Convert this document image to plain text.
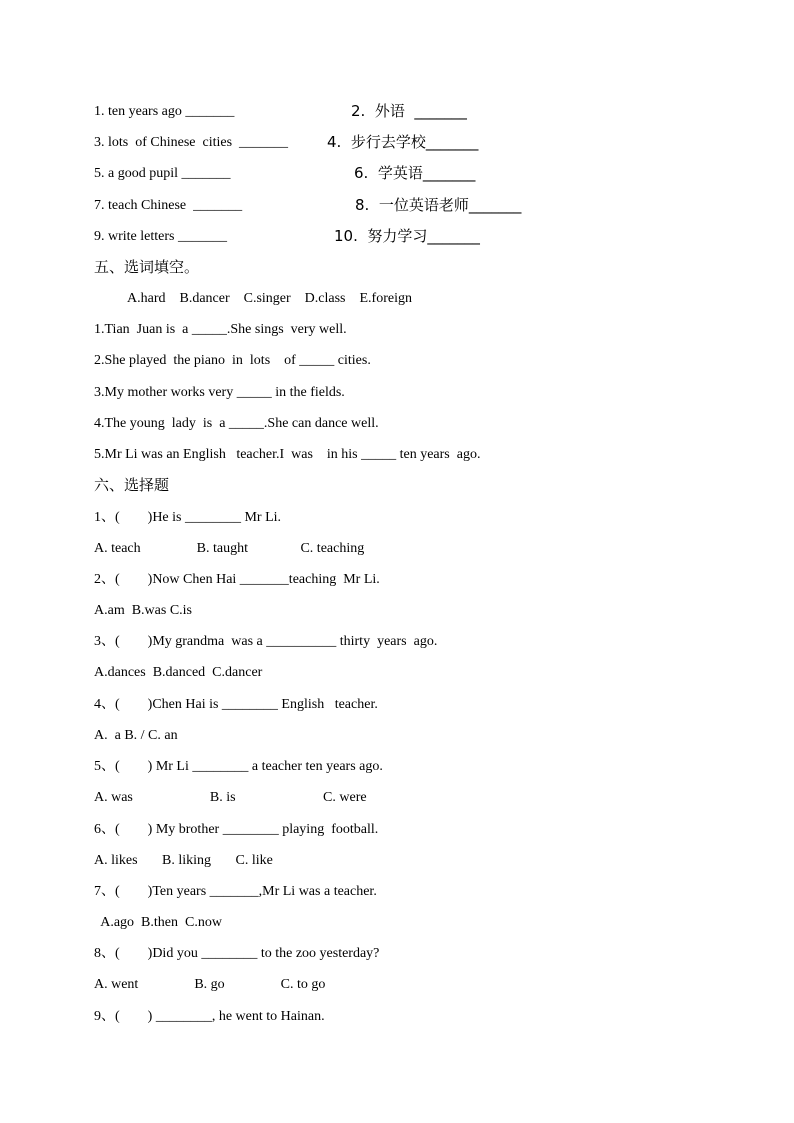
1. ten years ago _______	2.  外语  _______
3. lots  of Chinese  cities  _______	4.  步行去学校_______
5. a good pupil _______	6.  学英语_______
7. teach Chinese  _______	8.  一位英语老师_______
9. write letters _______	10.  努力学习_______
五、选词填空。
A.hard    B.dancer    C.singer    D.class    E.foreign
1.Tian  Juan is  a _____.She sings  very well.
2.She played  the piano  in  lots    of _____ cities.
3.My mother works very _____ in the fields.
4.The young  lady  is  a _____.She can dance well.
5.Mr Li was an English   teacher.I  was    in his _____ ten years  ago.
六、选择题
1、(        )He is ________ Mr Li.
A. teach                B. taught               C. teaching
2、(        )Now Chen Hai _______teaching  Mr Li.
A.am  B.was C.is
3、(        )My grandma  was a __________ thirty  years  ago.
A.dances  B.danced  C.dancer
4、(        )Chen Hai is ________ English   teacher.
A.  a B. / C. an
5、(        ) Mr Li ________ a teacher ten years ago.
A. was                      B. is                         C. were
6、(        ) My brother ________ playing  football.
A. likes       B. liking       C. like
7、(        )Ten years _______,Mr Li was a teacher.
A.ago  B.then  C.now
8、(        )Did you ________ to the zoo yesterday?
A. went                B. go                C. to go
9、(        ) ________, he went to Hainan.
